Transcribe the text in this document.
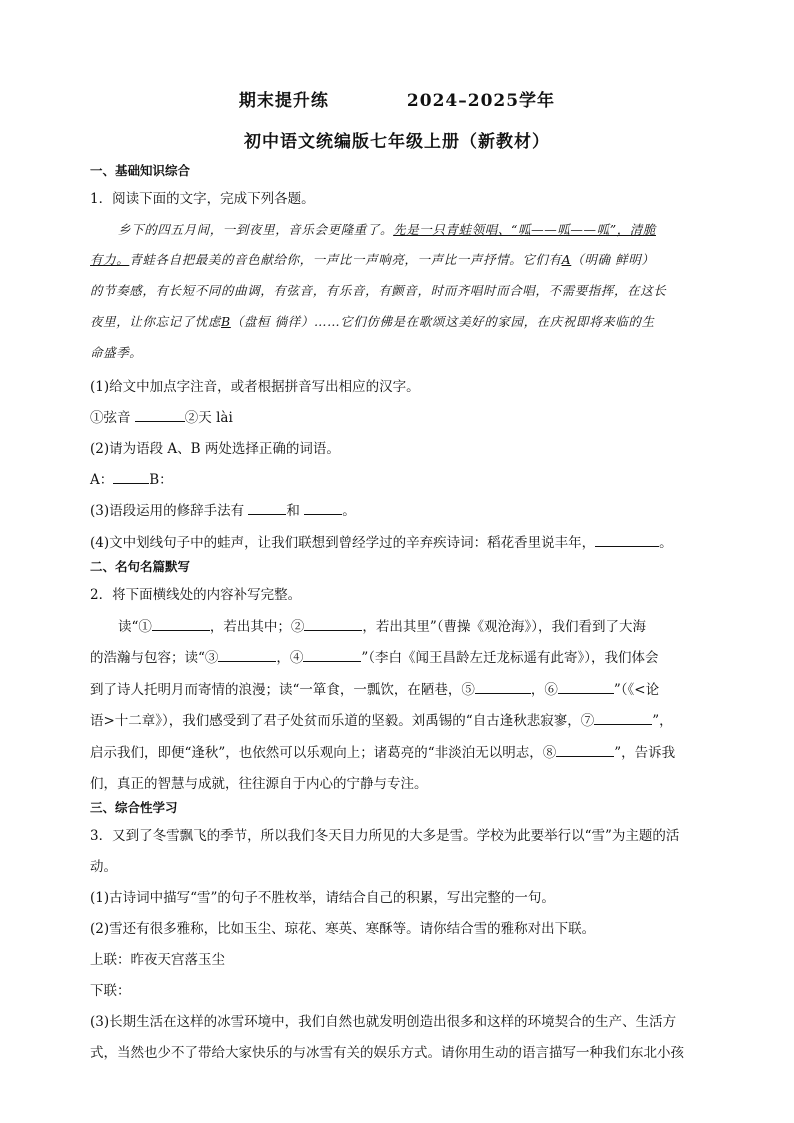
期末提升练	2024–2025学年
初中语文统编版七年级上册（新教材）
一、基础知识综合
1．阅读下面的文字，完成下列各题。
乡下的四五月间，一到夜里，音乐会更隆重了。先是一只青蛙领唱、“呱——呱——呱”，清脆
有力。青蛙各自把最美的音色献给你，一声比一声响亮，一声比一声抒情。它们有A（明确 鲜明）
的节奏感，有长短不同的曲调，有弦音，有乐音，有颤音，时而齐唱时而合唱，不需要指挥，在这长
夜里，让你忘记了忧虑B（盘桓 徜徉）……它们仿佛是在歌颂这美好的家园，在庆祝即将来临的生
命盛季。
(1)给文中加点字注音，或者根据拼音写出相应的汉字。
①弦音	②天 lài
(2)请为语段 A、B 两处选择正确的词语。
A：	B：
(3)语段运用的修辞手法有	和	。
(4)文中划线句子中的蛙声，让我们联想到曾经学过的辛弃疾诗词：稻花香里说丰年，	。
二、名句名篇默写
2．将下面横线处的内容补写完整。
读“①	，若出其中；②	，若出其里”（曹操《观沧海》），我们看到了大海
的浩瀚与包容；读“③	，④	”（李白《闻王昌龄左迁龙标遥有此寄》），我们体会
到了诗人托明月而寄情的浪漫；读“一箪食，一瓢饮，在陋巷，⑤	，⑥	”（《<论
语>十二章》），我们感受到了君子处贫而乐道的坚毅。刘禹锡的“自古逢秋悲寂寥，⑦	”，
启示我们，即便“逢秋”，也依然可以乐观向上；诸葛亮的“非淡泊无以明志，⑧	”，告诉我
们，真正的智慧与成就，往往源自于内心的宁静与专注。
三、综合性学习
3．又到了冬雪飘飞的季节，所以我们冬天目力所见的大多是雪。学校为此要举行以“雪”为主题的活
动。
(1)古诗词中描写“雪”的句子不胜枚举，请结合自己的积累，写出完整的一句。
(2)雪还有很多雅称，比如玉尘、琼花、寒英、寒酥等。请你结合雪的雅称对出下联。
上联：昨夜天宫落玉尘
下联：
(3)长期生活在这样的冰雪环境中，我们自然也就发明创造出很多和这样的环境契合的生产、生活方
式，当然也少不了带给大家快乐的与冰雪有关的娱乐方式。请你用生动的语言描写一种我们东北小孩
